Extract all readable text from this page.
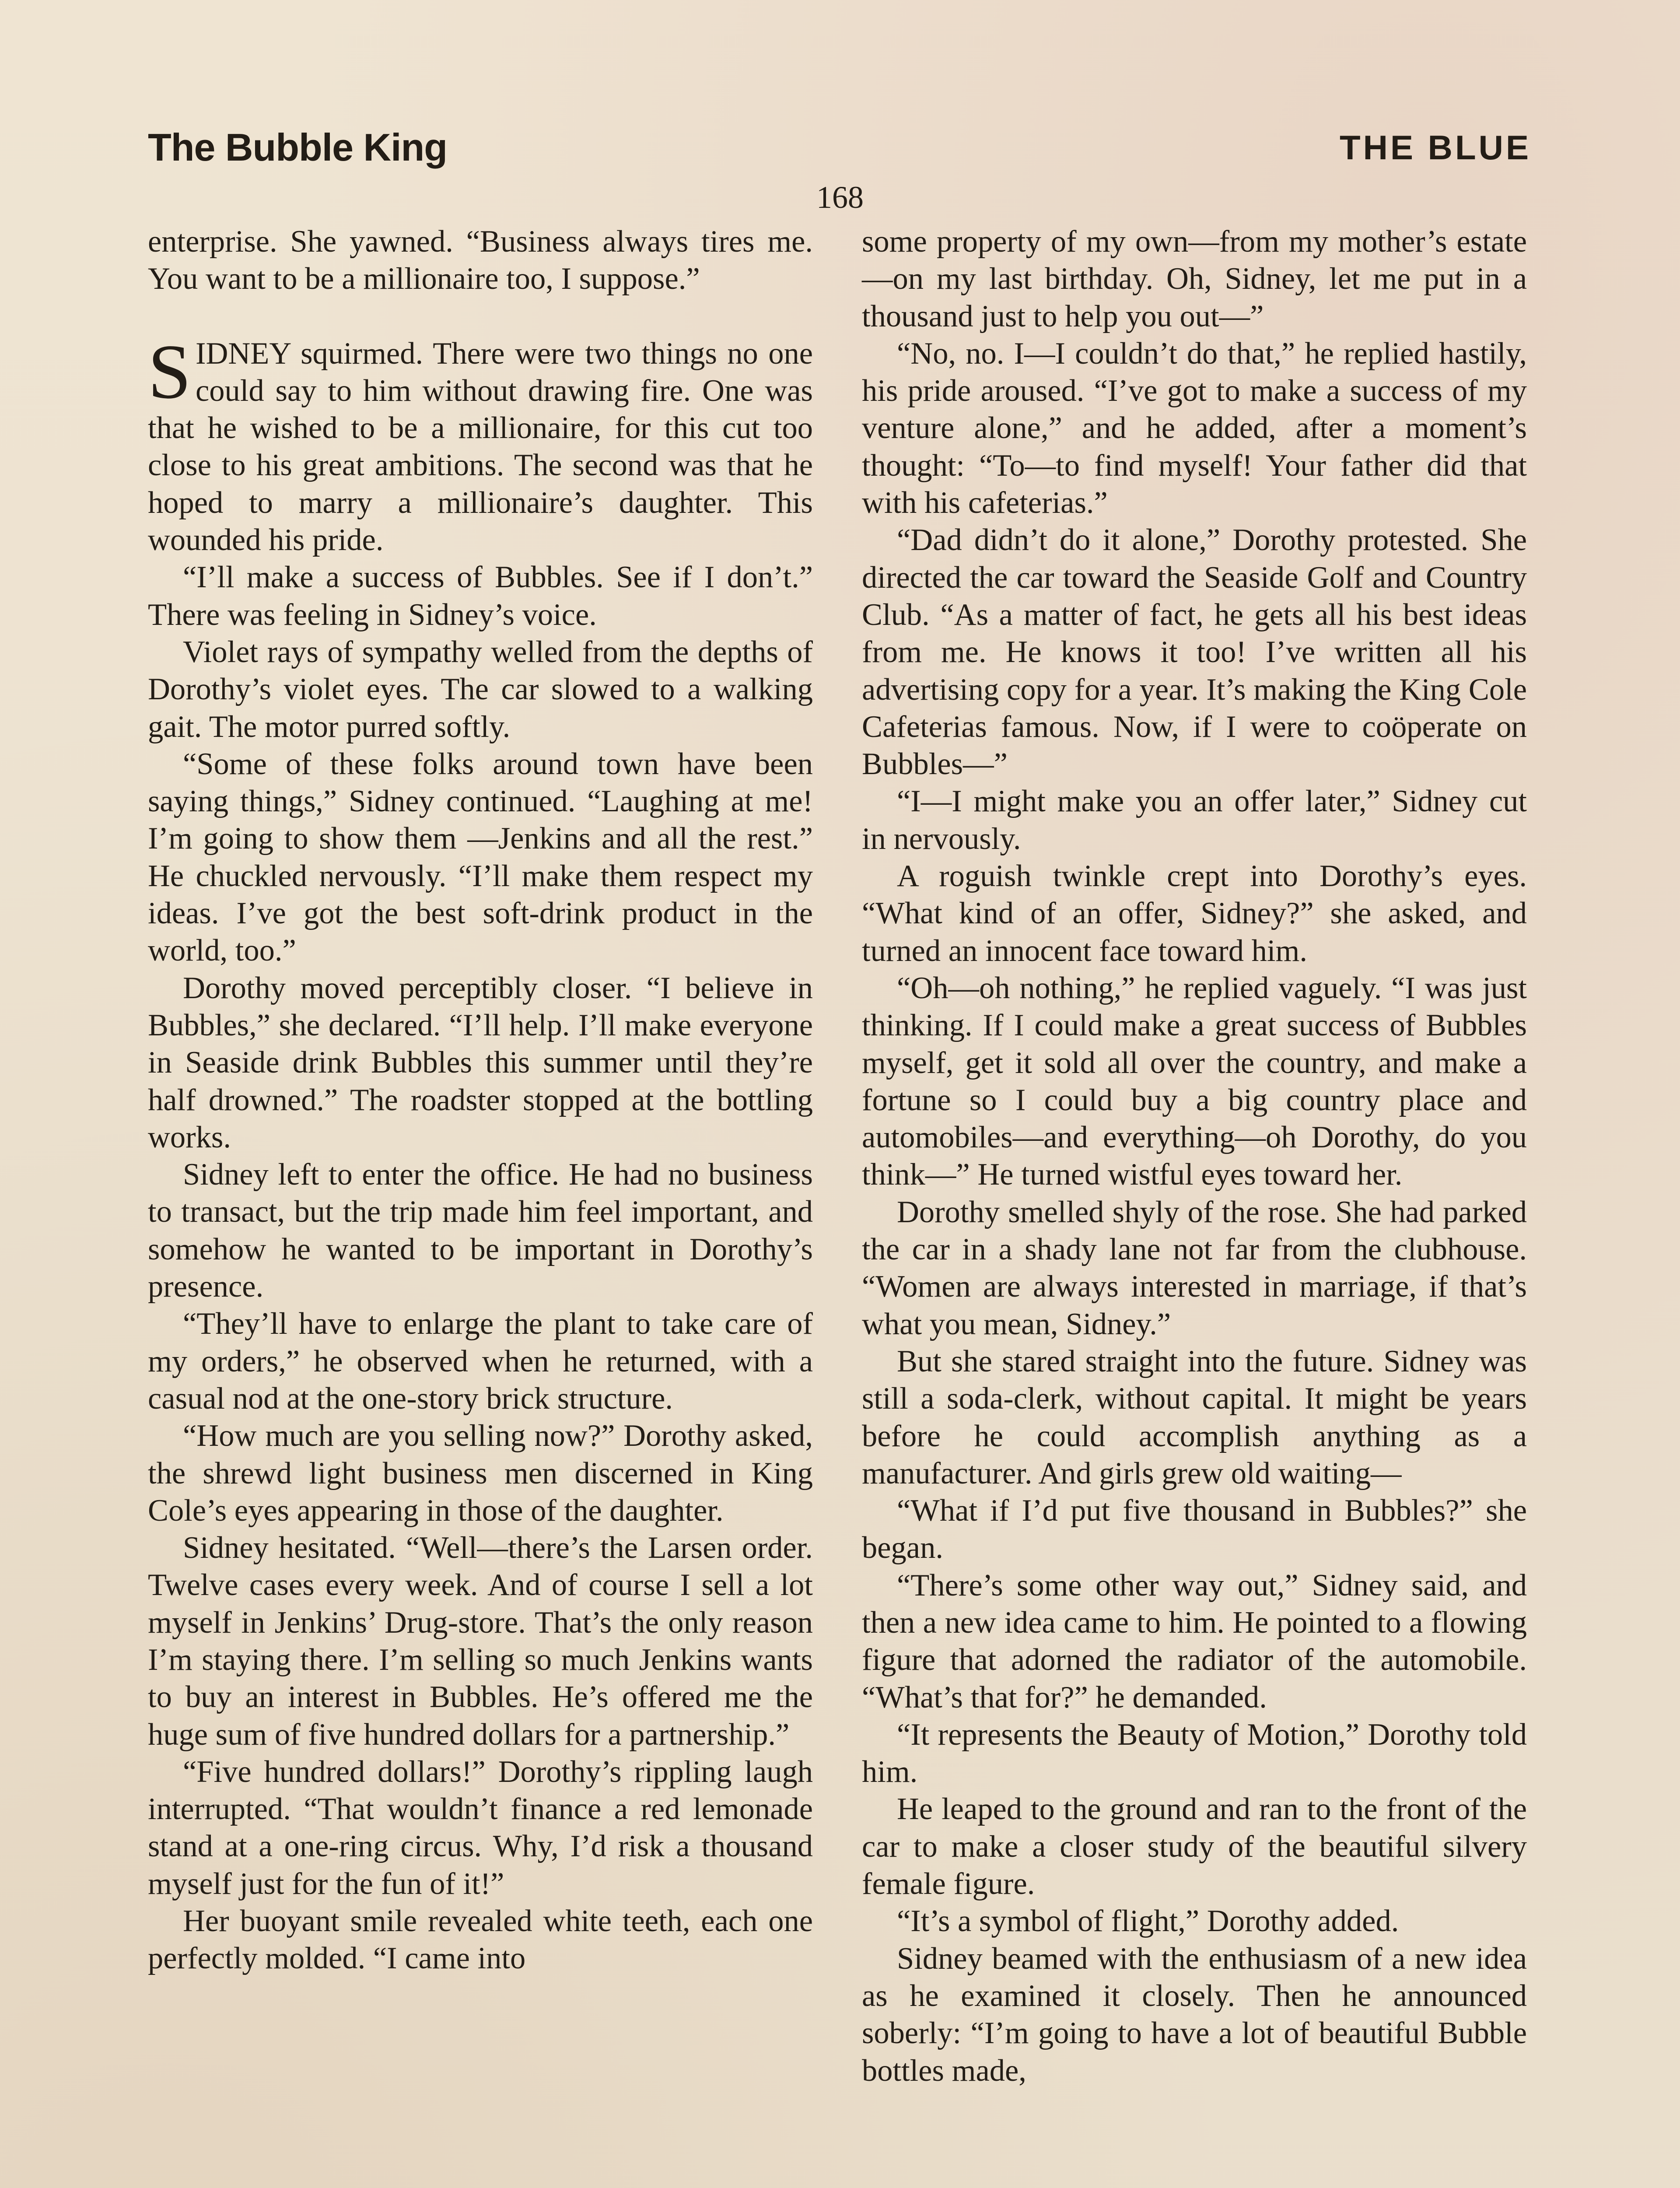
The Bubble King	THE BLUE
168

enterprise. She yawned. “Business always tires me. You want to be a millionaire too, I suppose.”

SIDNEY squirmed. There were two things no one could say to him without drawing fire. One was that he wished to be a millionaire, for this cut too close to his great ambitions. The second was that he hoped to marry a millionaire’s daughter. This wounded his pride.

“I’ll make a success of Bubbles. See if I don’t.” There was feeling in Sidney’s voice.

Violet rays of sympathy welled from the depths of Dorothy’s violet eyes. The car slowed to a walking gait. The motor purred softly.

“Some of these folks around town have been saying things,” Sidney continued. “Laughing at me! I’m going to show them —Jenkins and all the rest.” He chuckled nervously. “I’ll make them respect my ideas. I’ve got the best soft-drink product in the world, too.”

Dorothy moved perceptibly closer. “I believe in Bubbles,” she declared. “I’ll help. I’ll make everyone in Seaside drink Bubbles this summer until they’re half drowned.” The roadster stopped at the bottling works.

Sidney left to enter the office. He had no business to transact, but the trip made him feel important, and somehow he wanted to be important in Dorothy’s presence.

“They’ll have to enlarge the plant to take care of my orders,” he observed when he returned, with a casual nod at the one-story brick structure.

“How much are you selling now?” Dorothy asked, the shrewd light business men discerned in King Cole’s eyes appearing in those of the daughter.

Sidney hesitated. “Well—there’s the Larsen order. Twelve cases every week. And of course I sell a lot myself in Jenkins’ Drug-store. That’s the only reason I’m staying there. I’m selling so much Jenkins wants to buy an interest in Bubbles. He’s offered me the huge sum of five hundred dollars for a partnership.”

“Five hundred dollars!” Dorothy’s rippling laugh interrupted. “That wouldn’t finance a red lemonade stand at a one-ring circus. Why, I’d risk a thousand myself just for the fun of it!”

Her buoyant smile revealed white teeth, each one perfectly molded. “I came into

some property of my own—from my mother’s estate—on my last birthday. Oh, Sidney, let me put in a thousand just to help you out—”

“No, no. I—I couldn’t do that,” he replied hastily, his pride aroused. “I’ve got to make a success of my venture alone,” and he added, after a moment’s thought: “To—to find myself! Your father did that with his cafeterias.”

“Dad didn’t do it alone,” Dorothy protested. She directed the car toward the Seaside Golf and Country Club. “As a matter of fact, he gets all his best ideas from me. He knows it too! I’ve written all his advertising copy for a year. It’s making the King Cole Cafeterias famous. Now, if I were to coöperate on Bubbles—”

“I—I might make you an offer later,” Sidney cut in nervously.

A roguish twinkle crept into Dorothy’s eyes. “What kind of an offer, Sidney?” she asked, and turned an innocent face toward him.

“Oh—oh nothing,” he replied vaguely. “I was just thinking. If I could make a great success of Bubbles myself, get it sold all over the country, and make a fortune so I could buy a big country place and automobiles—and everything—oh Dorothy, do you think—” He turned wistful eyes toward her.

Dorothy smelled shyly of the rose. She had parked the car in a shady lane not far from the clubhouse. “Women are always interested in marriage, if that’s what you mean, Sidney.”

But she stared straight into the future. Sidney was still a soda-clerk, without capital. It might be years before he could accomplish anything as a manufacturer. And girls grew old waiting—

“What if I’d put five thousand in Bubbles?” she began.

“There’s some other way out,” Sidney said, and then a new idea came to him. He pointed to a flowing figure that adorned the radiator of the automobile. “What’s that for?” he demanded.

“It represents the Beauty of Motion,” Dorothy told him.

He leaped to the ground and ran to the front of the car to make a closer study of the beautiful silvery female figure.

“It’s a symbol of flight,” Dorothy added.

Sidney beamed with the enthusiasm of a new idea as he examined it closely. Then he announced soberly: “I’m going to have a lot of beautiful Bubble bottles made,
